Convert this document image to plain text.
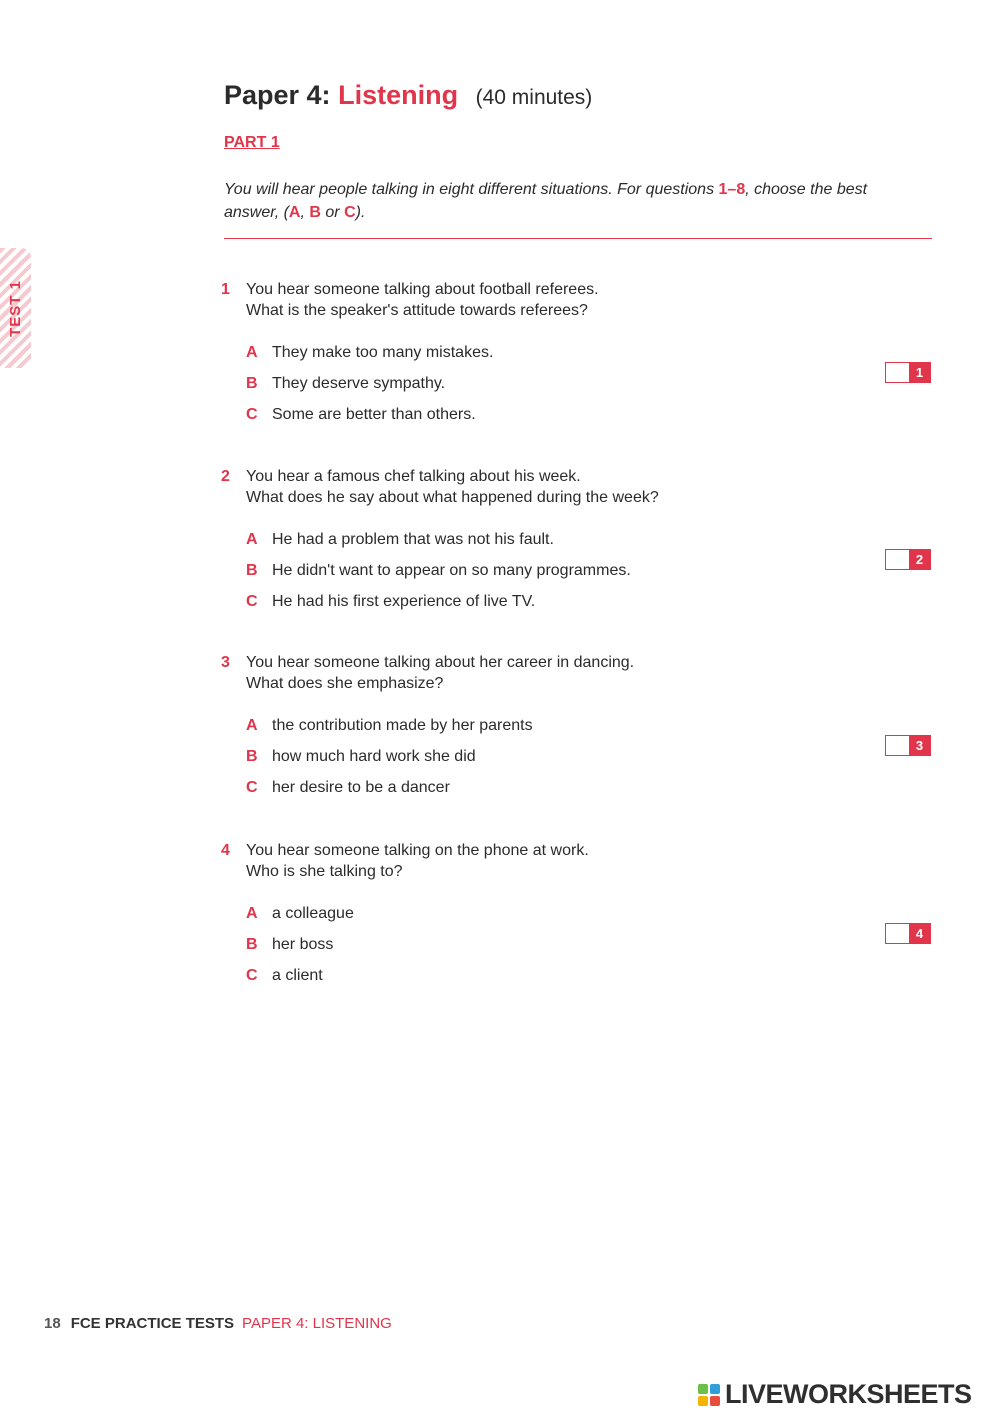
TEST 1
Paper 4: Listening (40 minutes)
PART 1
You will hear people talking in eight different situations. For questions 1–8, choose the best answer, (A, B or C).
1	You hear someone talking about football referees.
What is the speaker's attitude towards referees?
A They make too many mistakes.
B They deserve sympathy.
C Some are better than others.
1
2	You hear a famous chef talking about his week.
What does he say about what happened during the week?
A He had a problem that was not his fault.
B He didn't want to appear on so many programmes.
C He had his first experience of live TV.
2
3	You hear someone talking about her career in dancing.
What does she emphasize?
A the contribution made by her parents
B how much hard work she did
C her desire to be a dancer
3
4	You hear someone talking on the phone at work.
Who is she talking to?
A a colleague
B her boss
C a client
4
18 FCE PRACTICE TESTS PAPER 4: LISTENING
LIVEWORKSHEETS
